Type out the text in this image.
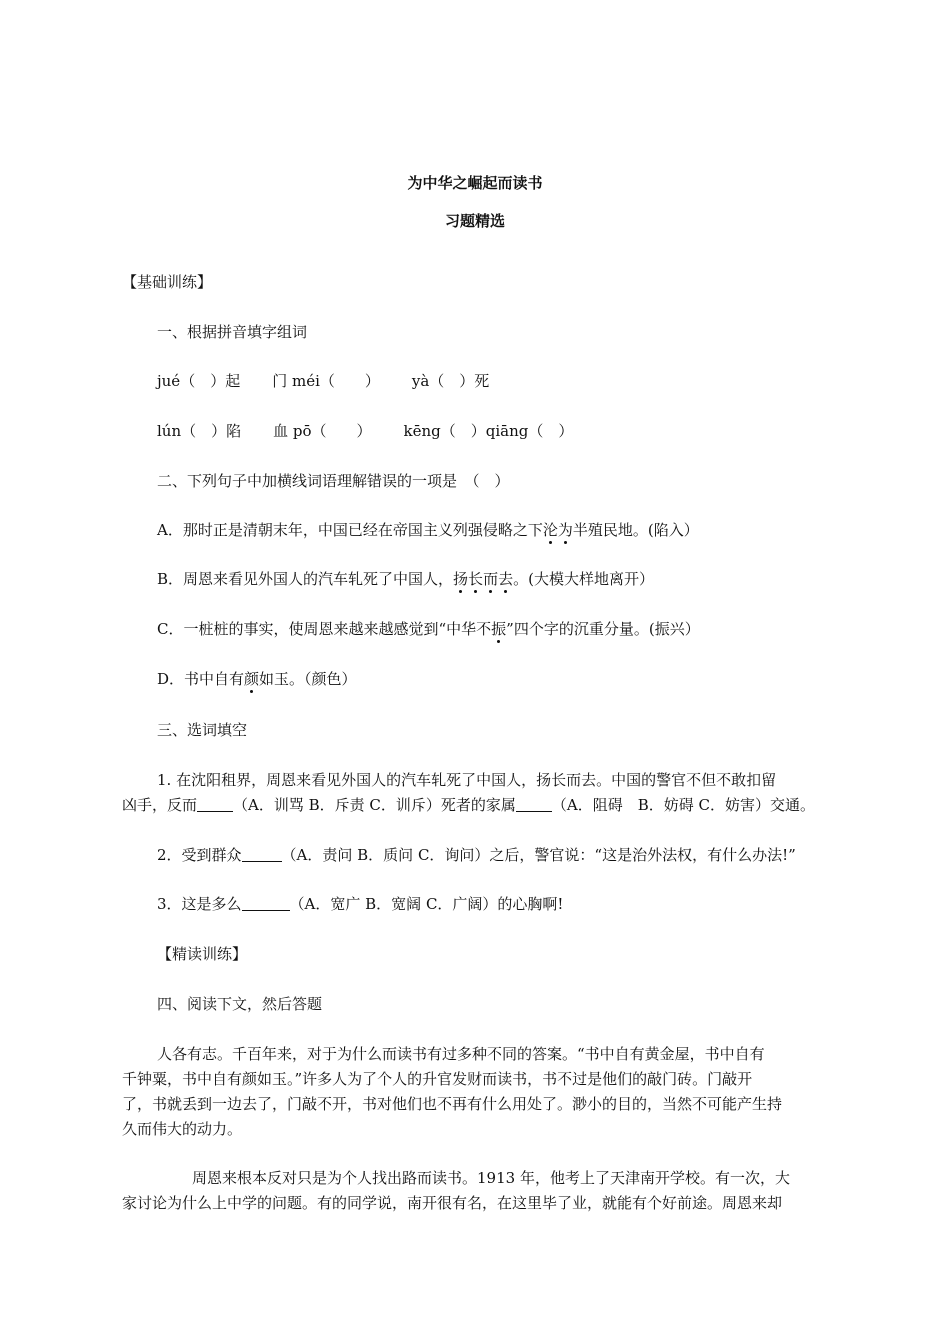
为中华之崛起而读书
习题精选
【基础训练】
一、根据拼音填字组词
jué（　）起 门 méi（　　） yà（　）死
lún（　）陷 血 pō（　　） kēng（　）qiāng（　）
二、下列句子中加横线词语理解错误的一项是　（　）
A．那时正是清朝末年，中国已经在帝国主义列强侵略之下沦为半殖民地。(陷入）
B．周恩来看见外国人的汽车轧死了中国人，扬长而去。(大模大样地离开）
C．一桩桩的事实，使周恩来越来越感觉到“中华不振”四个字的沉重分量。(振兴）
D．书中自有颜如玉。（颜色）
三、选词填空
1. 在沈阳租界，周恩来看见外国人的汽车轧死了中国人，扬长而去。中国的警官不但不敢扣留
凶手，反而 （A．训骂 B．斥责 C．训斥）死者的家属 （A．阻碍　B．妨碍 C．妨害）交通。
2．受到群众	（A．责问 B．质问 C．询问）之后，警官说：“这是治外法权，有什么办法!”
3．这是多么	（A．宽广 B．宽阔 C．广阔）的心胸啊!
【精读训练】
四、阅读下文，然后答题
人各有志。千百年来，对于为什么而读书有过多种不同的答案。“书中自有黄金屋，书中自有
千钟粟，书中自有颜如玉。”许多人为了个人的升官发财而读书，书不过是他们的敲门砖。门敲开
了，书就丢到一边去了，门敲不开，书对他们也不再有什么用处了。渺小的目的，当然不可能产生持
久而伟大的动力。
周恩来根本反对只是为个人找出路而读书。1913 年，他考上了天津南开学校。有一次，大
家讨论为什么上中学的问题。有的同学说，南开很有名，在这里毕了业，就能有个好前途。周恩来却
